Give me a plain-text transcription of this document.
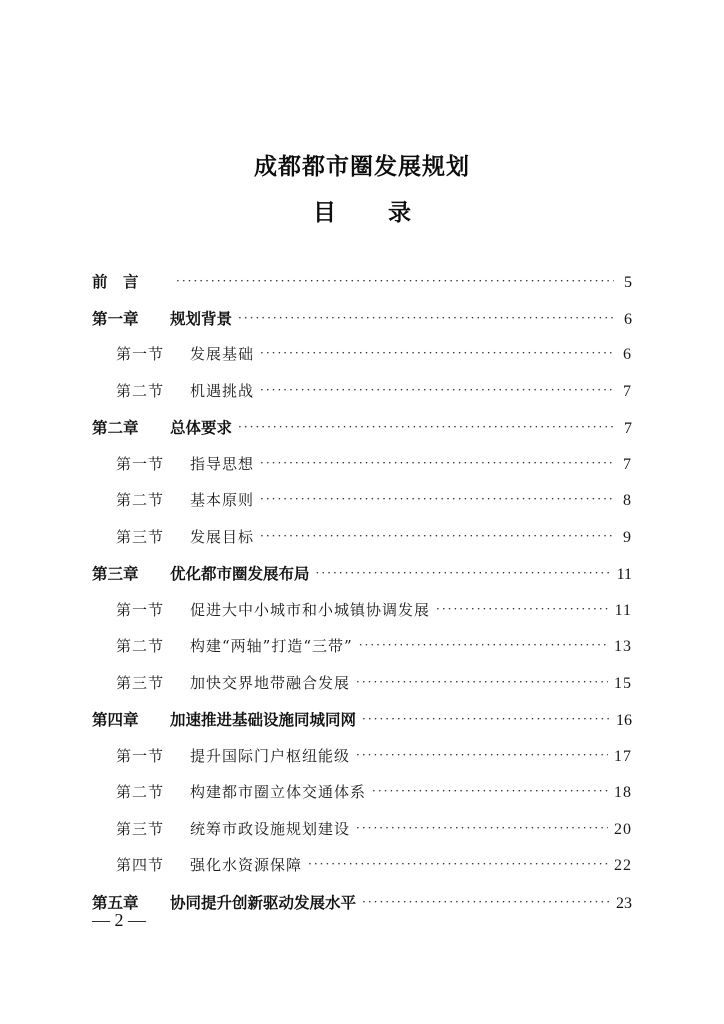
成都都市圈发展规划
目 录
前　言 ·····	5
第一章 规划背景 ·····	6
第一节 发展基础 ·····	6
第二节 机遇挑战 ·····	7
第二章 总体要求 ·····	7
第一节 指导思想 ·····	7
第二节 基本原则 ·····	8
第三节 发展目标 ·····	9
第三章 优化都市圈发展布局 ·····	11
第一节 促进大中小城市和小城镇协调发展 ·····	11
第二节 构建“两轴”打造“三带” ·····	13
第三节 加快交界地带融合发展 ·····	15
第四章 加速推进基础设施同城同网 ·····	16
第一节 提升国际门户枢纽能级 ·····	17
第二节 构建都市圈立体交通体系 ·····	18
第三节 统筹市政设施规划建设 ·····	20
第四节 强化水资源保障 ·····	22
第五章 协同提升创新驱动发展水平 ·····	23
— 2 —
